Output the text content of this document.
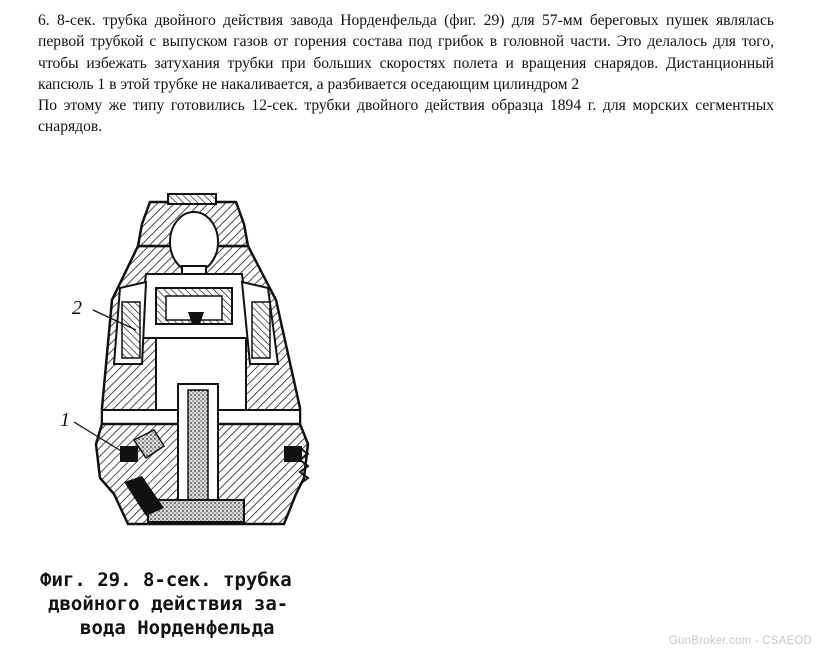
6. 8-сек. трубка двойного действия завода Норденфельда (фиг. 29) для 57-мм береговых пушек являлась первой трубкой с выпуском газов от горения состава под грибок в головной части. Это делалось для того, чтобы избежать затухания трубки при больших скоростях полета и вращения снарядов. Дистанционный капсюль 1 в этой трубке не накаливается, а разбивается оседающим цилиндром 2

По этому же типу готовились 12-сек. трубки двойного действия образца 1894 г. для морских сегментных снарядов.

2
1
Фиг. 29. 8-сек. трубка
двойного действия за-
вода Норденфельда
GunBroker.com - CSAEOD
